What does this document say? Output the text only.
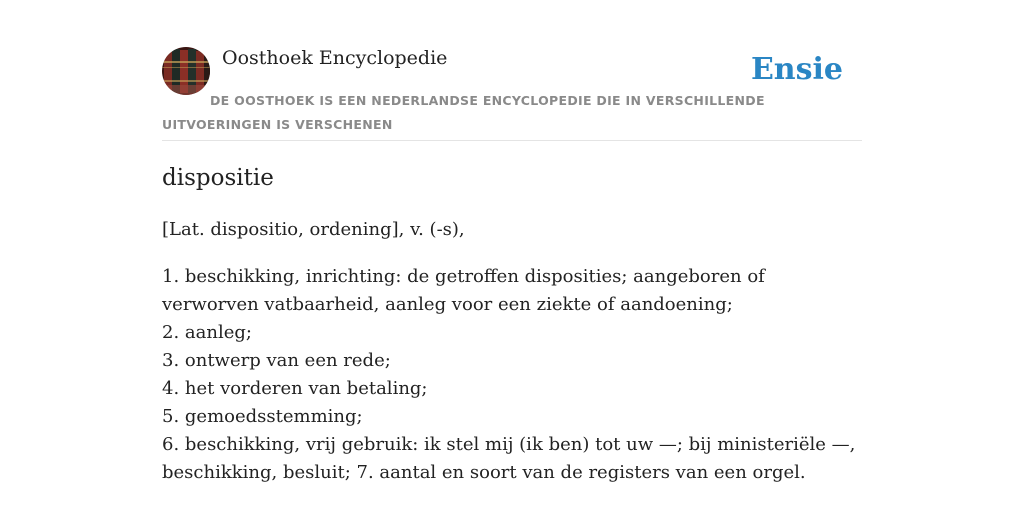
Oosthoek Encyclopedie	Ensie
DE OOSTHOEK IS EEN NEDERLANDSE ENCYCLOPEDIE DIE IN VERSCHILLENDE UITVOERINGEN IS VERSCHENEN
dispositie
[Lat. dispositio, ordening], v. (-s),
1. beschikking, inrichting: de getroffen disposities; aangeboren of verworven vatbaarheid, aanleg voor een ziekte of aandoening;
2. aanleg;
3. ontwerp van een rede;
4. het vorderen van betaling;
5. gemoedsstemming;
6. beschikking, vrij gebruik: ik stel mij (ik ben) tot uw —; bij ministeriële —, beschikking, besluit; 7. aantal en soort van de registers van een orgel.
